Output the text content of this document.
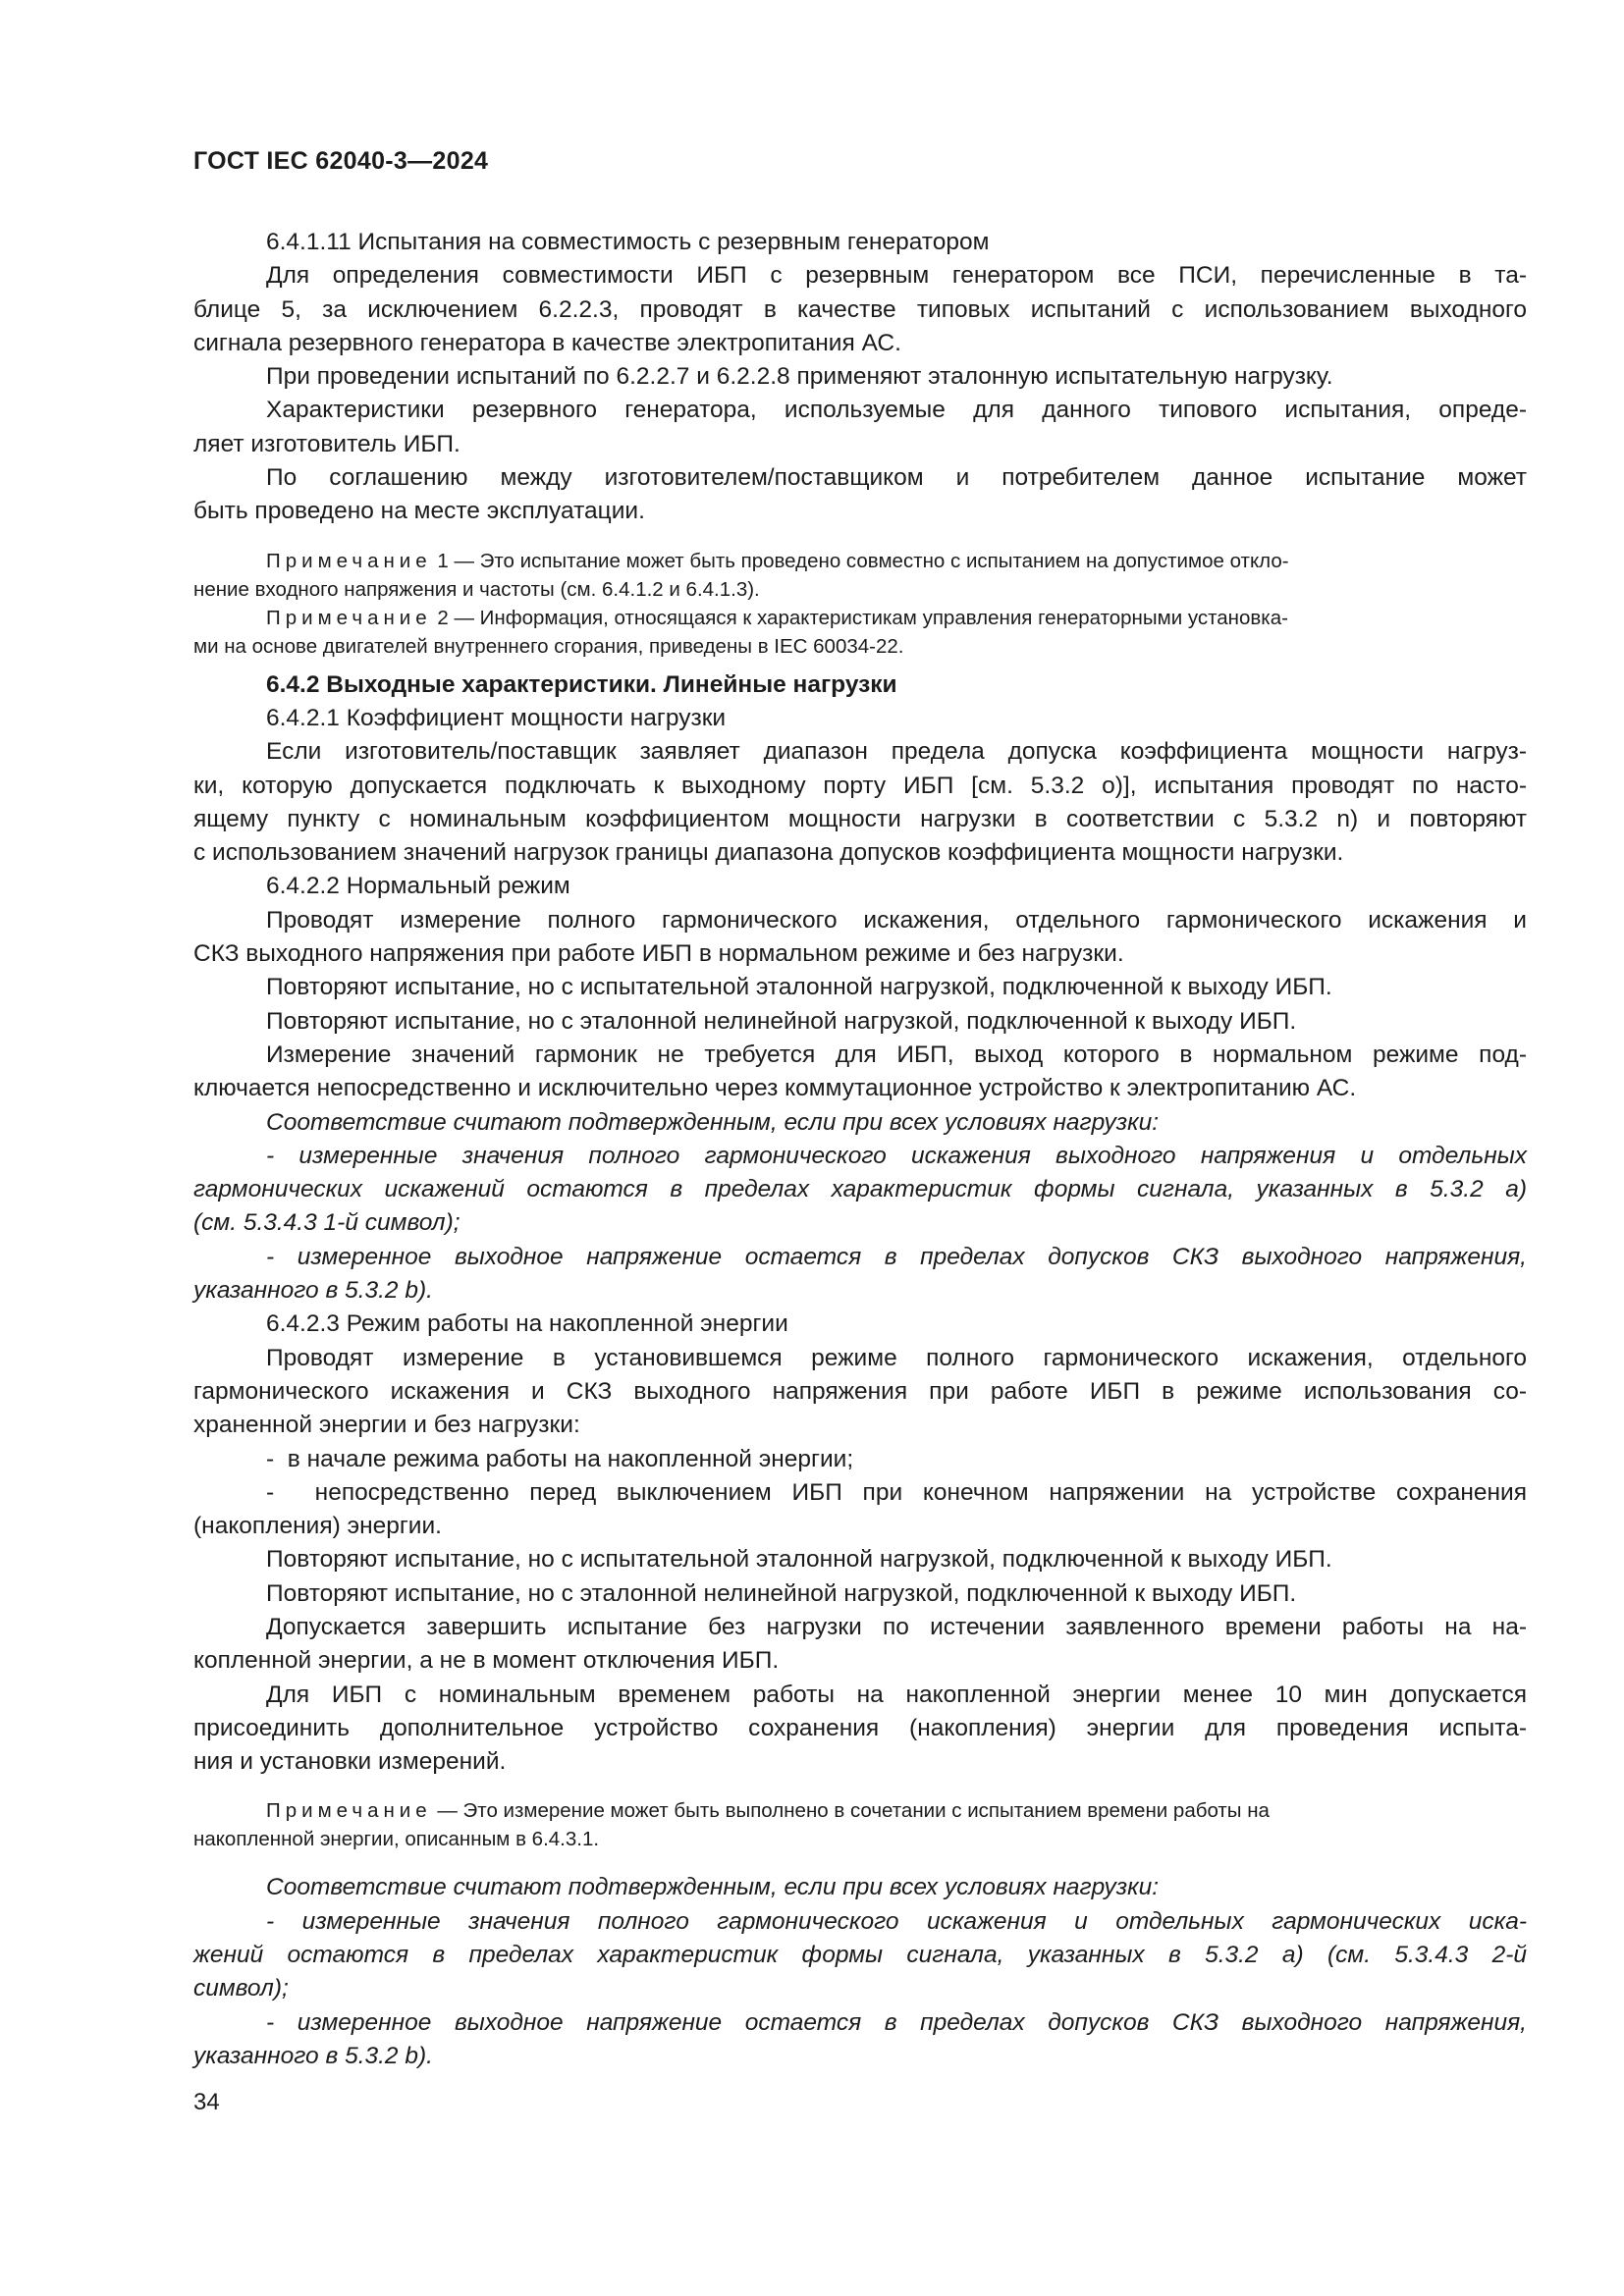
ГОСТ IEC 62040-3—2024
6.4.1.11 Испытания на совместимость с резервным генератором
Для определения совместимости ИБП с резервным генератором все ПСИ, перечисленные в та-
блице 5, за исключением 6.2.2.3, проводят в качестве типовых испытаний с использованием выходного
сигнала резервного генератора в качестве электропитания АС.
При проведении испытаний по 6.2.2.7 и 6.2.2.8 применяют эталонную испытательную нагрузку.
Характеристики резервного генератора, используемые для данного типового испытания, опреде-
ляет изготовитель ИБП.
По соглашению между изготовителем/поставщиком и потребителем данное испытание может
быть проведено на месте эксплуатации.
Примечание 1 — Это испытание может быть проведено совместно с испытанием на допустимое откло-
нение входного напряжения и частоты (см. 6.4.1.2 и 6.4.1.3).
Примечание 2 — Информация, относящаяся к характеристикам управления генераторными установка-
ми на основе двигателей внутреннего сгорания, приведены в IEC 60034-22.
6.4.2 Выходные характеристики. Линейные нагрузки
6.4.2.1 Коэффициент мощности нагрузки
Если изготовитель/поставщик заявляет диапазон предела допуска коэффициента мощности нагруз-
ки, которую допускается подключать к выходному порту ИБП [см. 5.3.2 о)], испытания проводят по насто-
ящему пункту с номинальным коэффициентом мощности нагрузки в соответствии с 5.3.2 n) и повторяют
с использованием значений нагрузок границы диапазона допусков коэффициента мощности нагрузки.
6.4.2.2 Нормальный режим
Проводят измерение полного гармонического искажения, отдельного гармонического искажения и
СКЗ выходного напряжения при работе ИБП в нормальном режиме и без нагрузки.
Повторяют испытание, но с испытательной эталонной нагрузкой, подключенной к выходу ИБП.
Повторяют испытание, но с эталонной нелинейной нагрузкой, подключенной к выходу ИБП.
Измерение значений гармоник не требуется для ИБП, выход которого в нормальном режиме под-
ключается непосредственно и исключительно через коммутационное устройство к электропитанию АС.
Соответствие считают подтвержденным, если при всех условиях нагрузки:
- измеренные значения полного гармонического искажения выходного напряжения и отдельных
гармонических искажений остаются в пределах характеристик формы сигнала, указанных в 5.3.2 а)
(см. 5.3.4.3 1-й символ);
- измеренное выходное напряжение остается в пределах допусков СКЗ выходного напряжения,
указанного в 5.3.2 b).
6.4.2.3 Режим работы на накопленной энергии
Проводят измерение в установившемся режиме полного гармонического искажения, отдельного
гармонического искажения и СКЗ выходного напряжения при работе ИБП в режиме использования со-
храненной энергии и без нагрузки:
-  в начале режима работы на накопленной энергии;
-  непосредственно перед выключением ИБП при конечном напряжении на устройстве сохранения
(накопления) энергии.
Повторяют испытание, но с испытательной эталонной нагрузкой, подключенной к выходу ИБП.
Повторяют испытание, но с эталонной нелинейной нагрузкой, подключенной к выходу ИБП.
Допускается завершить испытание без нагрузки по истечении заявленного времени работы на на-
копленной энергии, а не в момент отключения ИБП.
Для ИБП с номинальным временем работы на накопленной энергии менее 10 мин допускается
присоединить дополнительное устройство сохранения (накопления) энергии для проведения испыта-
ния и установки измерений.
Примечание — Это измерение может быть выполнено в сочетании с испытанием времени работы на
накопленной энергии, описанным в 6.4.3.1.
Соответствие считают подтвержденным, если при всех условиях нагрузки:
- измеренные значения полного гармонического искажения и отдельных гармонических иска-
жений остаются в пределах характеристик формы сигнала, указанных в 5.3.2 а) (см. 5.3.4.3 2-й
символ);
- измеренное выходное напряжение остается в пределах допусков СКЗ выходного напряжения,
указанного в 5.3.2 b).
34
